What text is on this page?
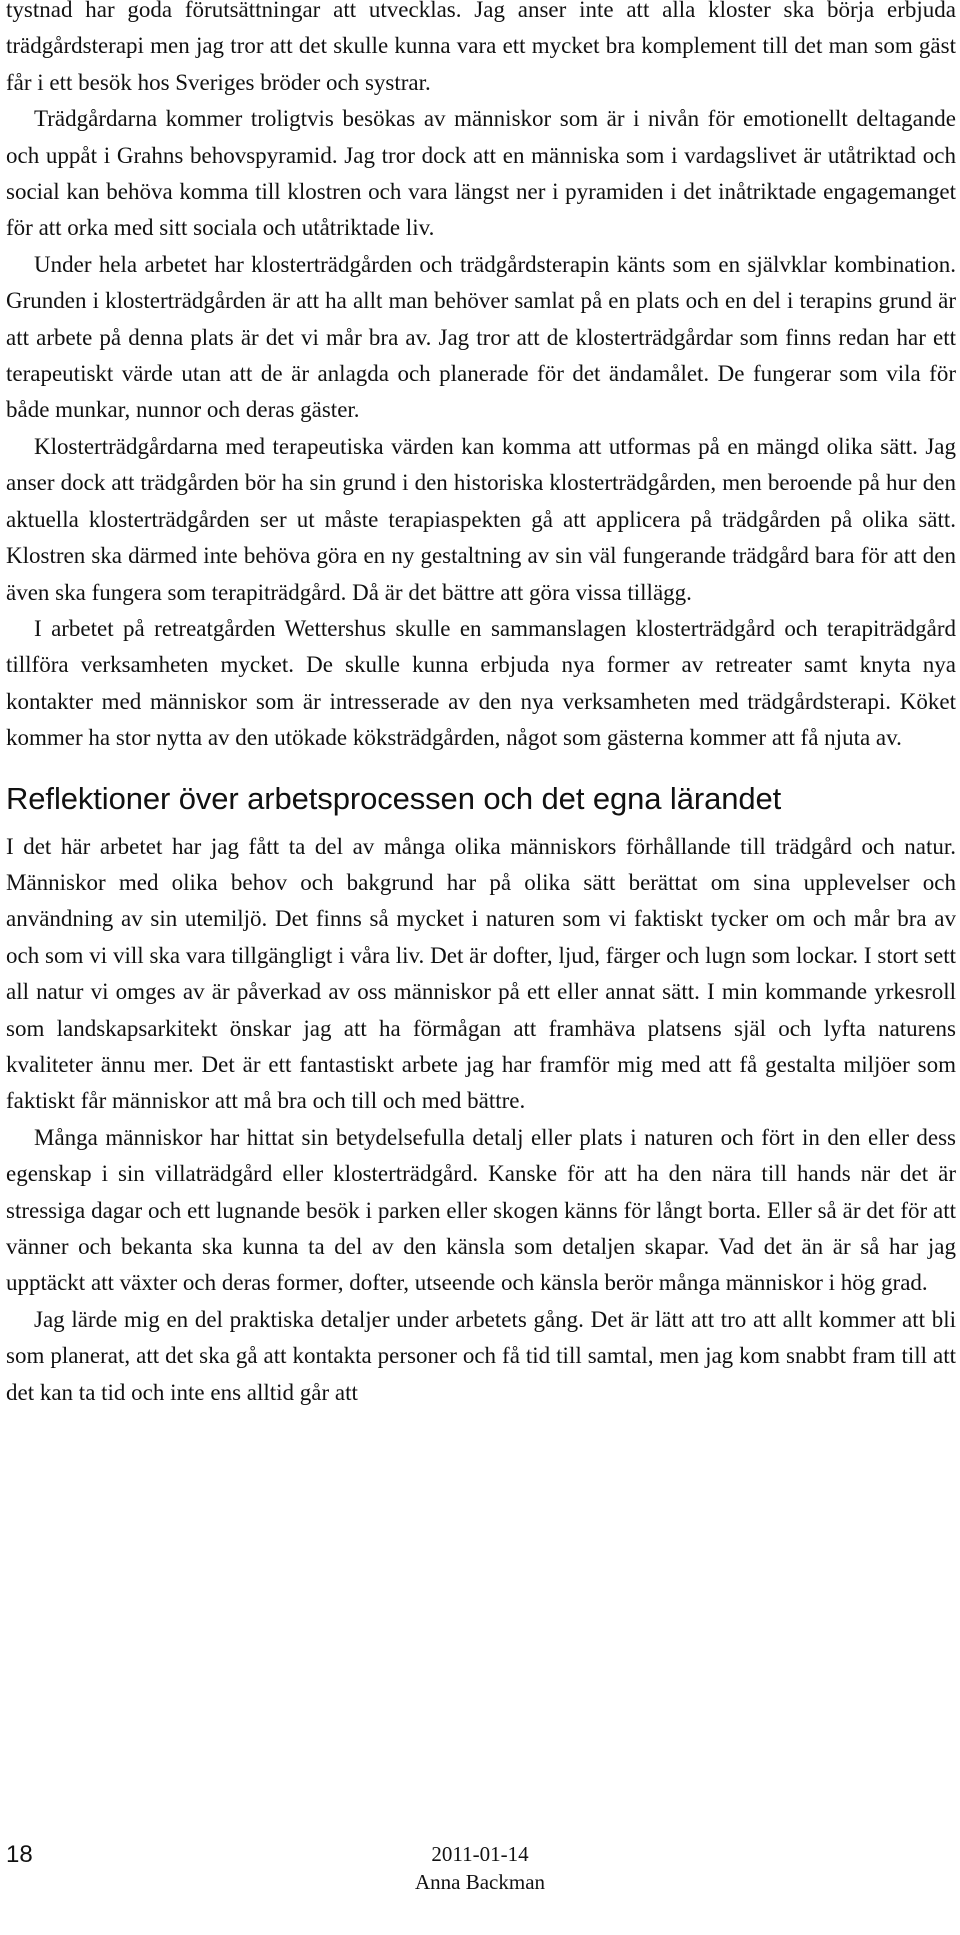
tystnad har goda förutsättningar att utvecklas. Jag anser inte att alla kloster ska börja erbjuda trädgårdsterapi men jag tror att det skulle kunna vara ett mycket bra komplement till det man som gäst får i ett besök hos Sveriges bröder och systrar.

Trädgårdarna kommer troligtvis besökas av människor som är i nivån för emotionellt deltagande och uppåt i Grahns behovspyramid. Jag tror dock att en människa som i vardagslivet är utåtriktad och social kan behöva komma till klostren och vara längst ner i pyramiden i det inåtriktade engagemanget för att orka med sitt sociala och utåtriktade liv.

Under hela arbetet har klosterträdgården och trädgårdsterapin känts som en självklar kombination. Grunden i klosterträdgården är att ha allt man behöver samlat på en plats och en del i terapins grund är att arbete på denna plats är det vi mår bra av. Jag tror att de klosterträdgårdar som finns redan har ett terapeutiskt värde utan att de är anlagda och planerade för det ändamålet. De fungerar som vila för både munkar, nunnor och deras gäster.

Klosterträdgårdarna med terapeutiska värden kan komma att utformas på en mängd olika sätt. Jag anser dock att trädgården bör ha sin grund i den historiska klosterträdgården, men beroende på hur den aktuella klosterträdgården ser ut måste terapiaspekten gå att applicera på trädgården på olika sätt. Klostren ska därmed inte behöva göra en ny gestaltning av sin väl fungerande trädgård bara för att den även ska fungera som terapiträdgård. Då är det bättre att göra vissa tillägg.

I arbetet på retreatgården Wettershus skulle en sammanslagen klosterträdgård och terapiträdgård tillföra verksamheten mycket. De skulle kunna erbjuda nya former av retreater samt knyta nya kontakter med människor som är intresserade av den nya verksamheten med trädgårdsterapi. Köket kommer ha stor nytta av den utökade köksträdgården, något som gästerna kommer att få njuta av.

Reflektioner över arbetsprocessen och det egna lärandet

I det här arbetet har jag fått ta del av många olika människors förhållande till trädgård och natur. Människor med olika behov och bakgrund har på olika sätt berättat om sina upplevelser och användning av sin utemiljö. Det finns så mycket i naturen som vi faktiskt tycker om och mår bra av och som vi vill ska vara tillgängligt i våra liv. Det är dofter, ljud, färger och lugn som lockar. I stort sett all natur vi omges av är påverkad av oss människor på ett eller annat sätt. I min kommande yrkesroll som landskapsarkitekt önskar jag att ha förmågan att framhäva platsens själ och lyfta naturens kvaliteter ännu mer. Det är ett fantastiskt arbete jag har framför mig med att få gestalta miljöer som faktiskt får människor att må bra och till och med bättre.

Många människor har hittat sin betydelsefulla detalj eller plats i naturen och fört in den eller dess egenskap i sin villaträdgård eller klosterträdgård. Kanske för att ha den nära till hands när det är stressiga dagar och ett lugnande besök i parken eller skogen känns för långt borta. Eller så är det för att vänner och bekanta ska kunna ta del av den känsla som detaljen skapar. Vad det än är så har jag upptäckt att växter och deras former, dofter, utseende och känsla berör många människor i hög grad.

Jag lärde mig en del praktiska detaljer under arbetets gång. Det är lätt att tro att allt kommer att bli som planerat, att det ska gå att kontakta personer och få tid till samtal, men jag kom snabbt fram till att det kan ta tid och inte ens alltid går att

18	2011-01-14
Anna Backman
